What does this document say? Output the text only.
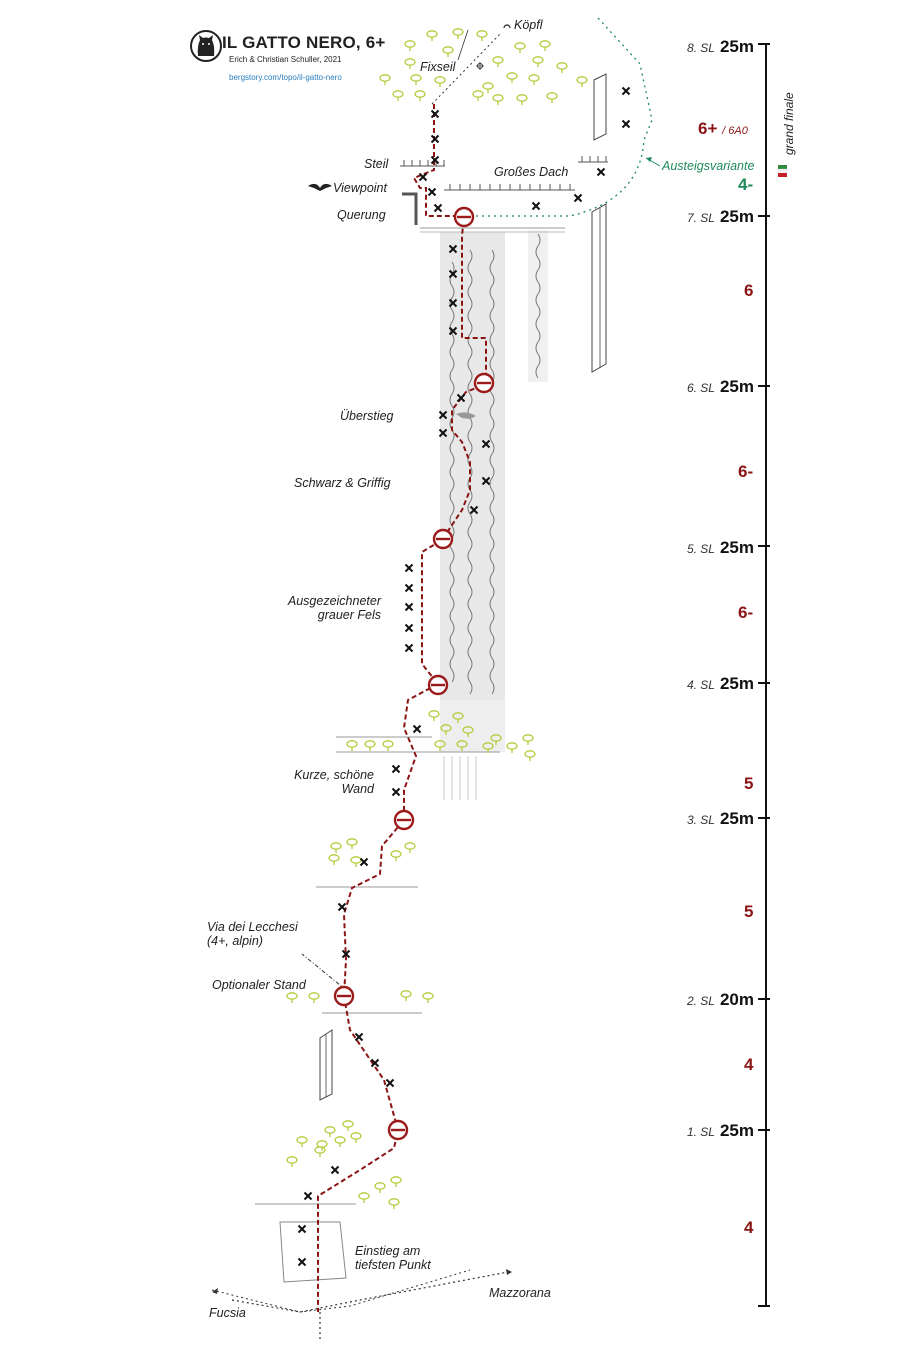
IL GATTO NERO, 6+
Erich & Christian Schuller, 2021
bergstory.com/topo/il-gatto-nero
Köpfl
Fixseil
Steil
Viewpoint
Querung
Großes Dach	Austeigsvariante
Überstieg
Schwarz & Griffig
Ausgezeichneter
grauer Fels
Kurze, schöne
Wand
Via dei Lecchesi
(4+, alpin)
Optionaler Stand
Einstieg am
tiefsten Punkt
Fucsia
Mazzorana
8. SL 25m
7. SL 25m
6. SL 25m
5. SL 25m
4. SL 25m
3. SL 25m
2. SL 20m
1. SL 25m
6+ / 6A0
4-
6
6-
6-
5
5
4
4
grand finale
